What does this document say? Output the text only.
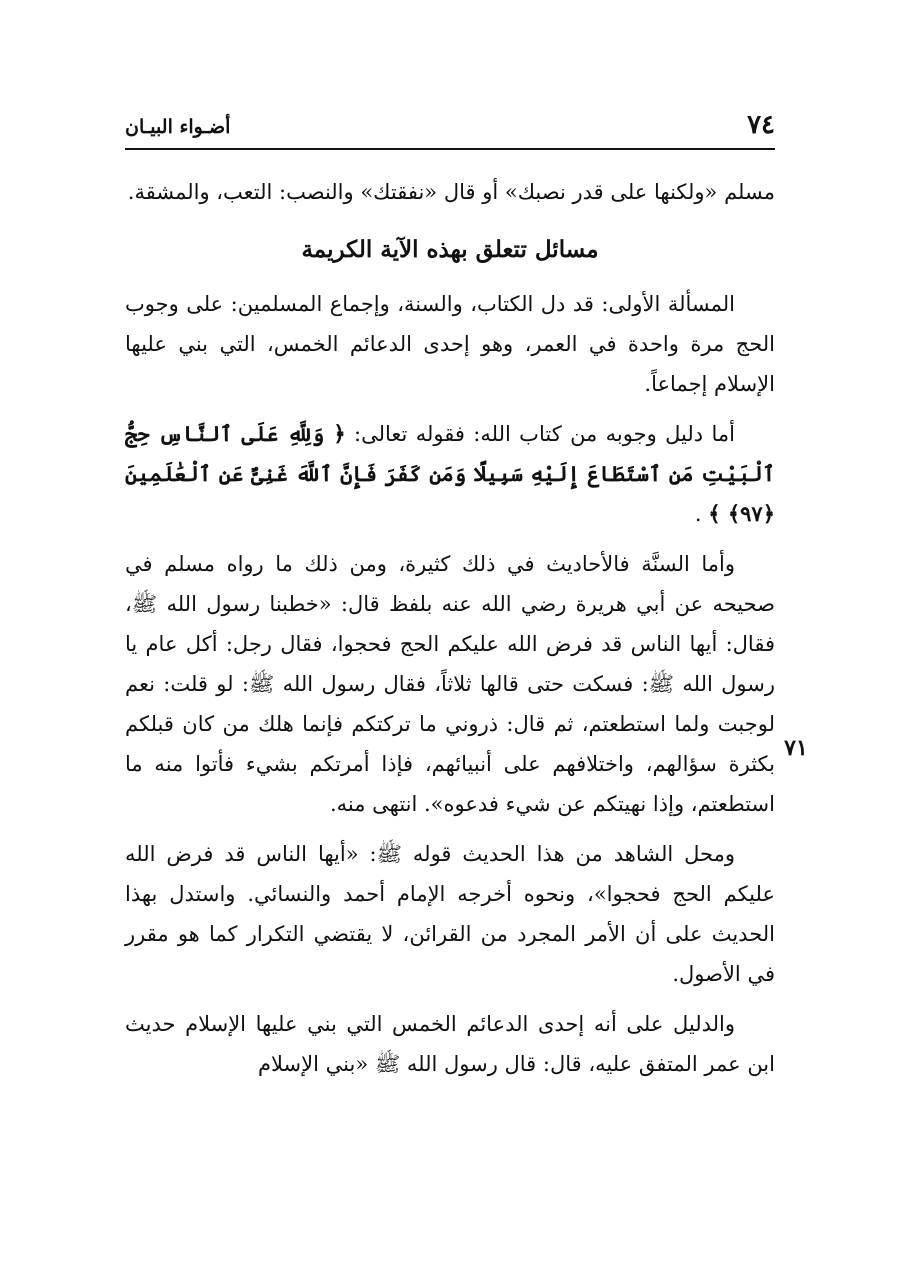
٧٤
أضـواء البيـان
٧١

مسلم «ولكنها على قدر نصبك» أو قال «نفقتك» والنصب: التعب، والمشقة.

مسائل تتعلق بهذه الآية الكريمة

المسألة الأولى: قد دل الكتاب، والسنة، وإجماع المسلمين: على وجوب الحج مرة واحدة في العمر، وهو إحدى الدعائم الخمس، التي بني عليها الإسلام إجماعاً.

أما دليل وجوبه من كتاب الله: فقوله تعالى: ﴿ وَلِلَّهِ عَلَى ٱلنَّاسِ حِجُّ ٱلْبَيْتِ مَنِ ٱسْتَطَاعَ إِلَيْهِ سَبِيلًا وَمَن كَفَرَ فَإِنَّ ٱللَّهَ غَنِىٌّ عَنِ ٱلْعَٰلَمِينَ ﴿٩٧﴾ ﴾ .

وأما السنَّة فالأحاديث في ذلك كثيرة، ومن ذلك ما رواه مسلم في صحيحه عن أبي هريرة رضي الله عنه بلفظ قال: «خطبنا رسول الله ﷺ، فقال: أيها الناس قد فرض الله عليكم الحج فحجوا، فقال رجل: أكل عام يا رسول الله ﷺ: فسكت حتى قالها ثلاثاً، فقال رسول الله ﷺ: لو قلت: نعم لوجبت ولما استطعتم، ثم قال: ذروني ما تركتكم فإنما هلك من كان قبلكم بكثرة سؤالهم، واختلافهم على أنبيائهم، فإذا أمرتكم بشيء فأتوا منه ما استطعتم، وإذا نهيتكم عن شيء فدعوه». انتهى منه.

ومحل الشاهد من هذا الحديث قوله ﷺ: «أيها الناس قد فرض الله عليكم الحج فحجوا»، ونحوه أخرجه الإمام أحمد والنسائي. واستدل بهذا الحديث على أن الأمر المجرد من القرائن، لا يقتضي التكرار كما هو مقرر في الأصول.

والدليل على أنه إحدى الدعائم الخمس التي بني عليها الإسلام حديث ابن عمر المتفق عليه، قال: قال رسول الله ﷺ «بني الإسلام
